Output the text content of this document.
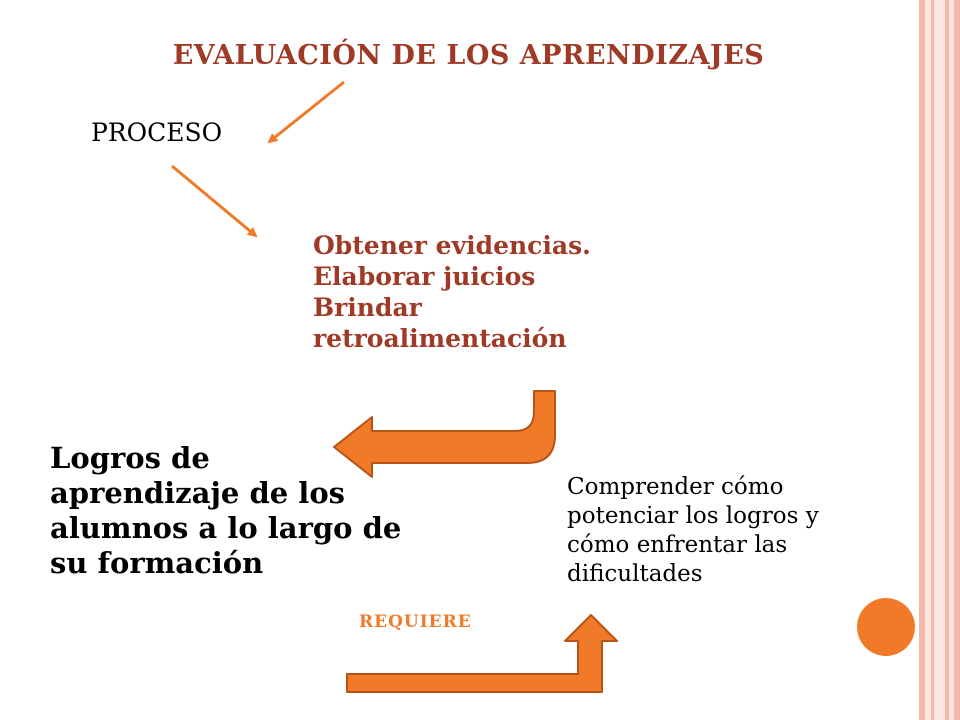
EVALUACIÓN DE LOS APRENDIZAJES
PROCESO
Obtener evidencias.
Elaborar juicios
Brindar
retroalimentación
Logros de
aprendizaje de los
alumnos a lo largo de
su formación
Comprender cómo
potenciar los logros y
cómo enfrentar las
dificultades
REQUIERE
